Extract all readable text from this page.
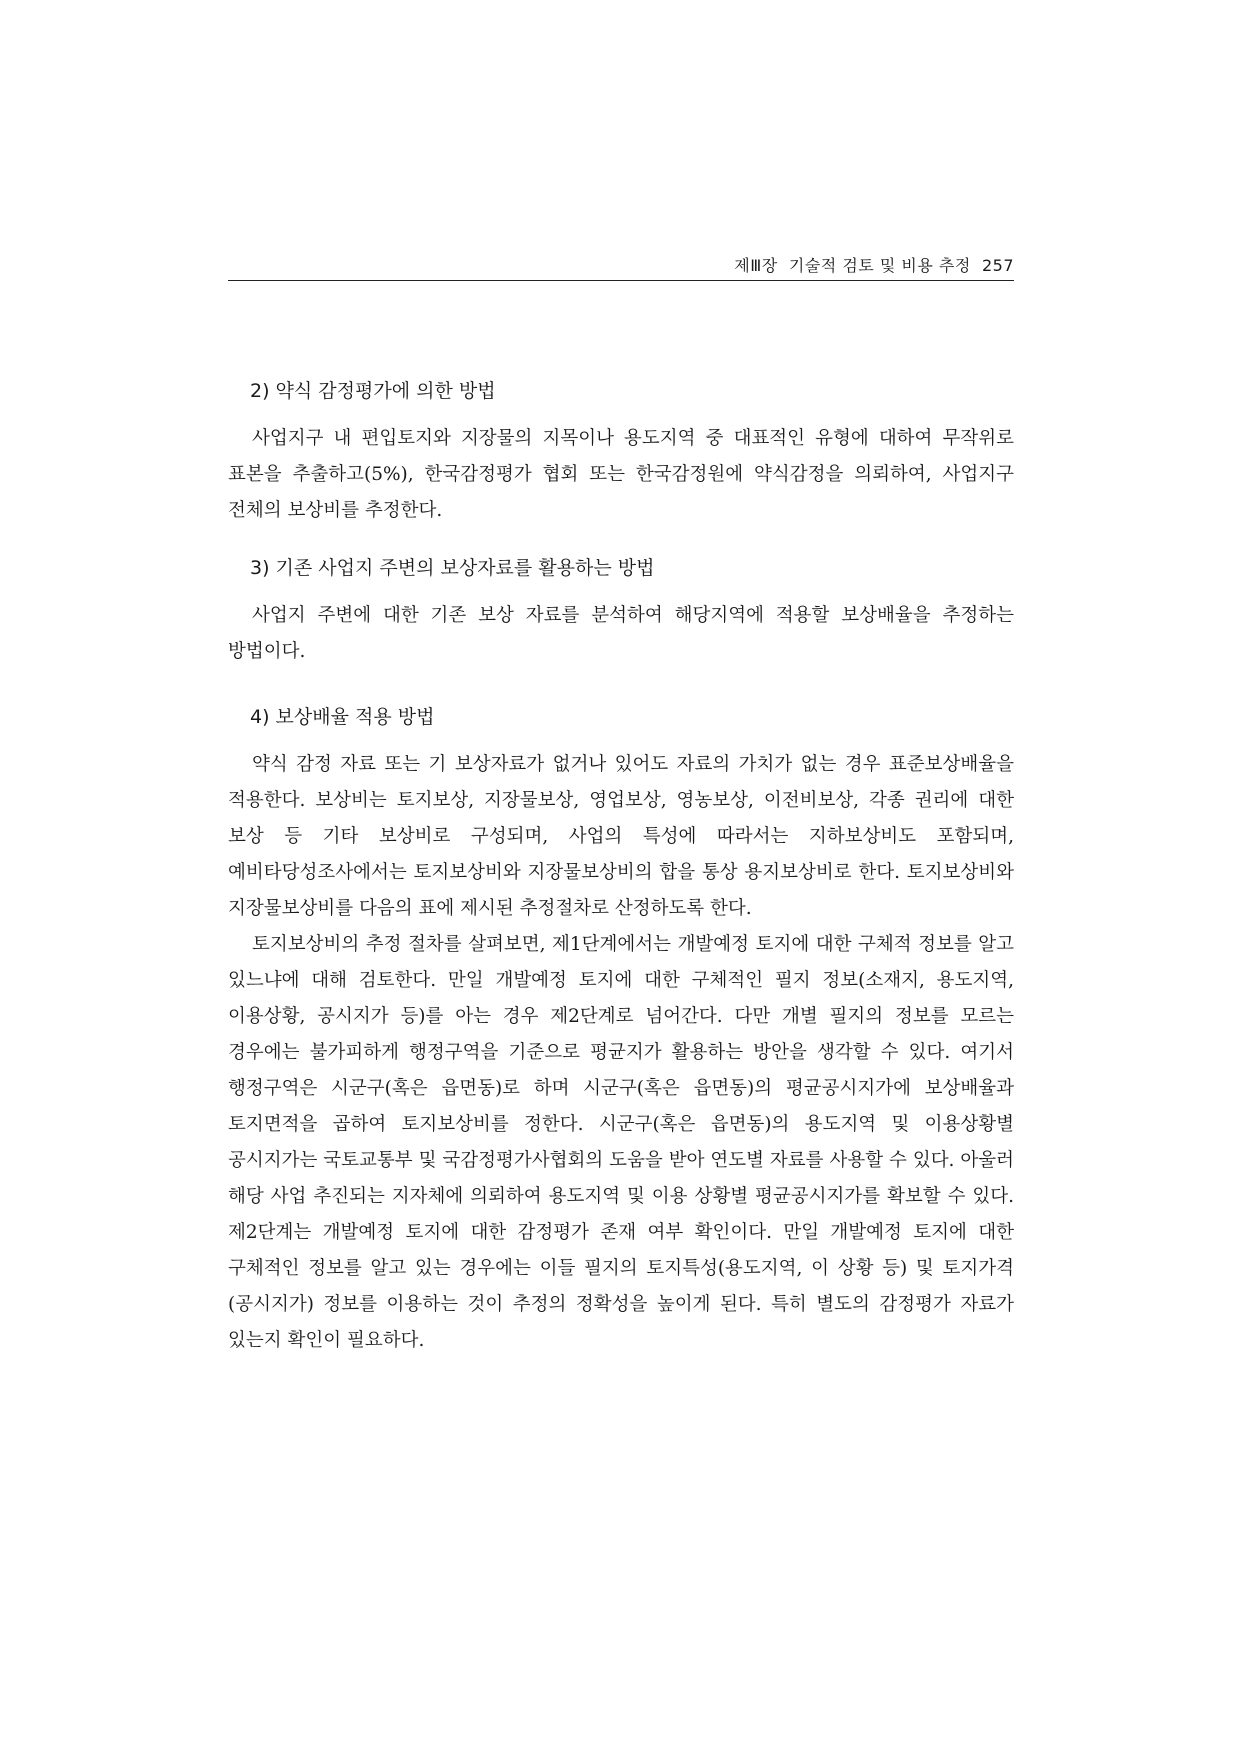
제Ⅲ장  기술적 검토 및 비용 추정 257
2) 약식 감정평가에 의한 방법

사업지구 내 편입토지와 지장물의 지목이나 용도지역 중 대표적인 유형에 대하여 무작위로 표본을 추출하고(5%), 한국감정평가 협회 또는 한국감정원에 약식감정을 의뢰하여, 사업지구 전체의 보상비를 추정한다.

3) 기존 사업지 주변의 보상자료를 활용하는 방법

사업지 주변에 대한 기존 보상 자료를 분석하여 해당지역에 적용할 보상배율을 추정하는 방법이다.

4) 보상배율 적용 방법

약식 감정 자료 또는 기 보상자료가 없거나 있어도 자료의 가치가 없는 경우 표준보상배율을 적용한다. 보상비는 토지보상, 지장물보상, 영업보상, 영농보상, 이전비보상, 각종 권리에 대한 보상 등 기타 보상비로 구성되며, 사업의 특성에 따라서는 지하보상비도 포함되며, 예비타당성조사에서는 토지보상비와 지장물보상비의 합을 통상 용지보상비로 한다. 토지보상비와 지장물보상비를 다음의 표에 제시된 추정절차로 산정하도록 한다.

토지보상비의 추정 절차를 살펴보면, 제1단계에서는 개발예정 토지에 대한 구체적 정보를 알고 있느냐에 대해 검토한다. 만일 개발예정 토지에 대한 구체적인 필지 정보(소재지, 용도지역, 이용상황, 공시지가 등)를 아는 경우 제2단계로 넘어간다. 다만 개별 필지의 정보를 모르는 경우에는 불가피하게 행정구역을 기준으로 평균지가 활용하는 방안을 생각할 수 있다. 여기서 행정구역은 시군구(혹은 읍면동)로 하며 시군구(혹은 읍면동)의 평균공시지가에 보상배율과 토지면적을 곱하여 토지보상비를 정한다. 시군구(혹은 읍면동)의 용도지역 및 이용상황별 공시지가는 국토교통부 및 국감정평가사협회의 도움을 받아 연도별 자료를 사용할 수 있다. 아울러 해당 사업 추진되는 지자체에 의뢰하여 용도지역 및 이용 상황별 평균공시지가를 확보할 수 있다. 제2단계는 개발예정 토지에 대한 감정평가 존재 여부 확인이다. 만일 개발예정 토지에 대한 구체적인 정보를 알고 있는 경우에는 이들 필지의 토지특성(용도지역, 이 상황 등) 및 토지가격(공시지가) 정보를 이용하는 것이 추정의 정확성을 높이게 된다. 특히 별도의 감정평가 자료가 있는지 확인이 필요하다.
